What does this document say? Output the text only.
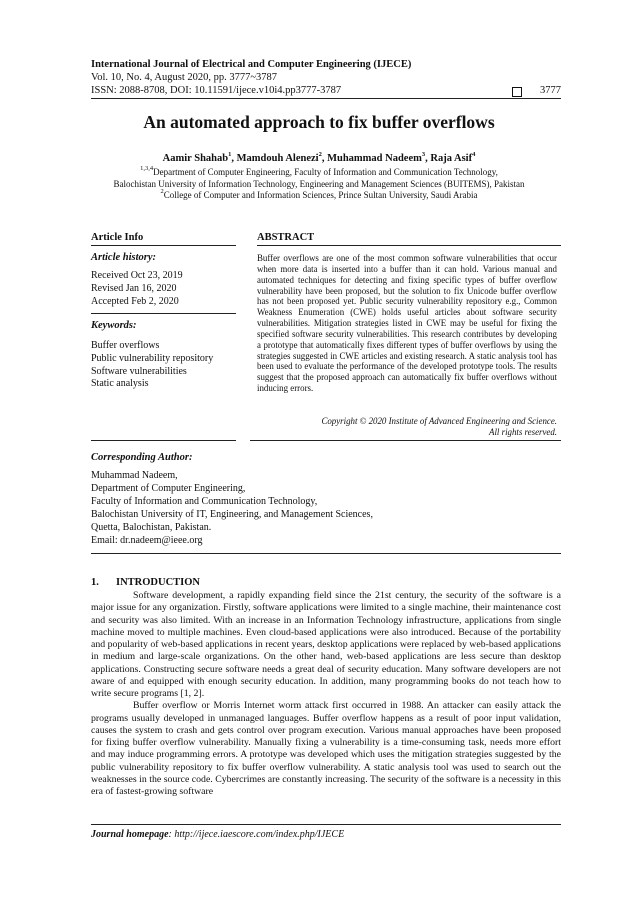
International Journal of Electrical and Computer Engineering (IJECE)
Vol. 10, No. 4, August 2020, pp. 3777~3787
ISSN: 2088-8708, DOI: 10.11591/ijece.v10i4.pp3777-3787	3777
An automated approach to fix buffer overflows
Aamir Shahab$^1$, Mamdouh Alenezi$^2$, Muhammad Nadeem$^3$, Raja Asif$^4$
$^{1,3,4}$Department of Computer Engineering, Faculty of Information and Communication Technology,
Balochistan University of Information Technology, Engineering and Management Sciences (BUITEMS), Pakistan
$^2$College of Computer and Information Sciences, Prince Sultan University, Saudi Arabia
Article Info
Article history:
Received Oct 23, 2019
Revised Jan 16, 2020
Accepted Feb 2, 2020
Keywords:
Buffer overflows
Public vulnerability repository
Software vulnerabilities
Static analysis
ABSTRACT
Buffer overflows are one of the most common software vulnerabilities that occur when more data is inserted into a buffer than it can hold. Various manual and automated techniques for detecting and fixing specific types of buffer overflow vulnerability have been proposed, but the solution to fix Unicode buffer overflow has not been proposed yet. Public security vulnerability repository e.g., Common Weakness Enumeration (CWE) holds useful articles about software security vulnerabilities. Mitigation strategies listed in CWE may be useful for fixing the specified software security vulnerabilities. This research contributes by developing a prototype that automatically fixes different types of buffer overflows by using the strategies suggested in CWE articles and existing research. A static analysis tool has been used to evaluate the performance of the developed prototype tools. The results suggest that the proposed approach can automatically fix buffer overflows without inducing errors.
Copyright © 2020 Institute of Advanced Engineering and Science.
All rights reserved.
Corresponding Author:
Muhammad Nadeem,
Department of Computer Engineering,
Faculty of Information and Communication Technology,
Balochistan University of IT, Engineering, and Management Sciences,
Quetta, Balochistan, Pakistan.
Email: dr.nadeem@ieee.org
1. INTRODUCTION

Software development, a rapidly expanding field since the 21st century, the security of the software is a major issue for any organization. Firstly, software applications were limited to a single machine, their maintenance cost and security was also limited. With an increase in an Information Technology infrastructure, applications from single machine moved to multiple machines. Even cloud-based applications were also introduced. Because of the portability and popularity of web-based applications in recent years, desktop applications were replaced by web-based applications in medium and large-scale organizations. On the other hand, web-based applications are less secure than desktop applications. Constructing secure software needs a great deal of security education. Many software developers are not aware of and equipped with enough security education. In addition, many programming books do not teach how to write secure programs [1, 2].

Buffer overflow or Morris Internet worm attack first occurred in 1988. An attacker can easily attack the programs usually developed in unmanaged languages. Buffer overflow happens as a result of poor input validation, causes the system to crash and gets control over program execution. Various manual approaches have been proposed for fixing buffer overflow vulnerability. Manually fixing a vulnerability is a time-consuming task, needs more effort and may induce programming errors. A prototype was developed which uses the mitigation strategies suggested by the public vulnerability repository to fix buffer overflow vulnerability. A static analysis tool was used to search out the weaknesses in the source code. Cybercrimes are constantly increasing. The security of the software is a necessity in this era of fastest-growing software

Journal homepage: http://ijece.iaescore.com/index.php/IJECE
